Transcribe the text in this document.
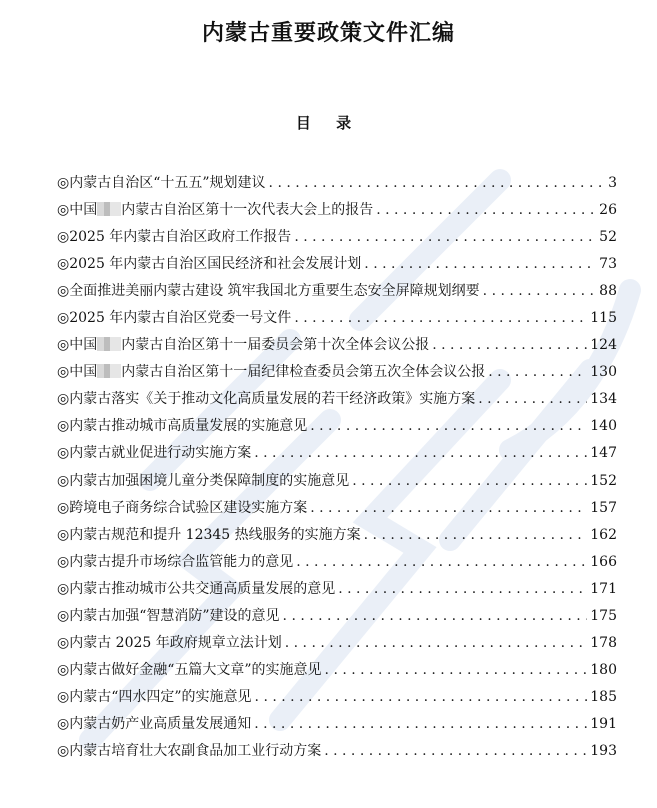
内蒙古重要政策文件汇编
目 录
◎内蒙古自治区“十五五”规划建议 . . .	3
◎中国 内蒙古自治区第十一次代表大会上的报告 . . .	26
◎2025 年内蒙古自治区政府工作报告 . . .	52
◎2025 年内蒙古自治区国民经济和社会发展计划 . . .	73
◎全面推进美丽内蒙古建设 筑牢我国北方重要生态安全屏障规划纲要 . . .	88
◎2025 年内蒙古自治区党委一号文件 . . .	115
◎中国 内蒙古自治区第十一届委员会第十次全体会议公报 . . .	124
◎中国 内蒙古自治区第十一届纪律检查委员会第五次全体会议公报 . . .	130
◎内蒙古落实《关于推动文化高质量发展的若干经济政策》实施方案 . . .	134
◎内蒙古推动城市高质量发展的实施意见 . . .	140
◎内蒙古就业促进行动实施方案 . . .	147
◎内蒙古加强困境儿童分类保障制度的实施意见 . . .	152
◎跨境电子商务综合试验区建设实施方案 . . .	157
◎内蒙古规范和提升 12345 热线服务的实施方案 . . .	162
◎内蒙古提升市场综合监管能力的意见 . . .	166
◎内蒙古推动城市公共交通高质量发展的意见 . . .	171
◎内蒙古加强“智慧消防”建设的意见 . . .	175
◎内蒙古 2025 年政府规章立法计划 . . .	178
◎内蒙古做好金融“五篇大文章”的实施意见 . . .	180
◎内蒙古“四水四定”的实施意见 . . .	185
◎内蒙古奶产业高质量发展通知 . . .	191
◎内蒙古培育壮大农副食品加工业行动方案 . . .	193
